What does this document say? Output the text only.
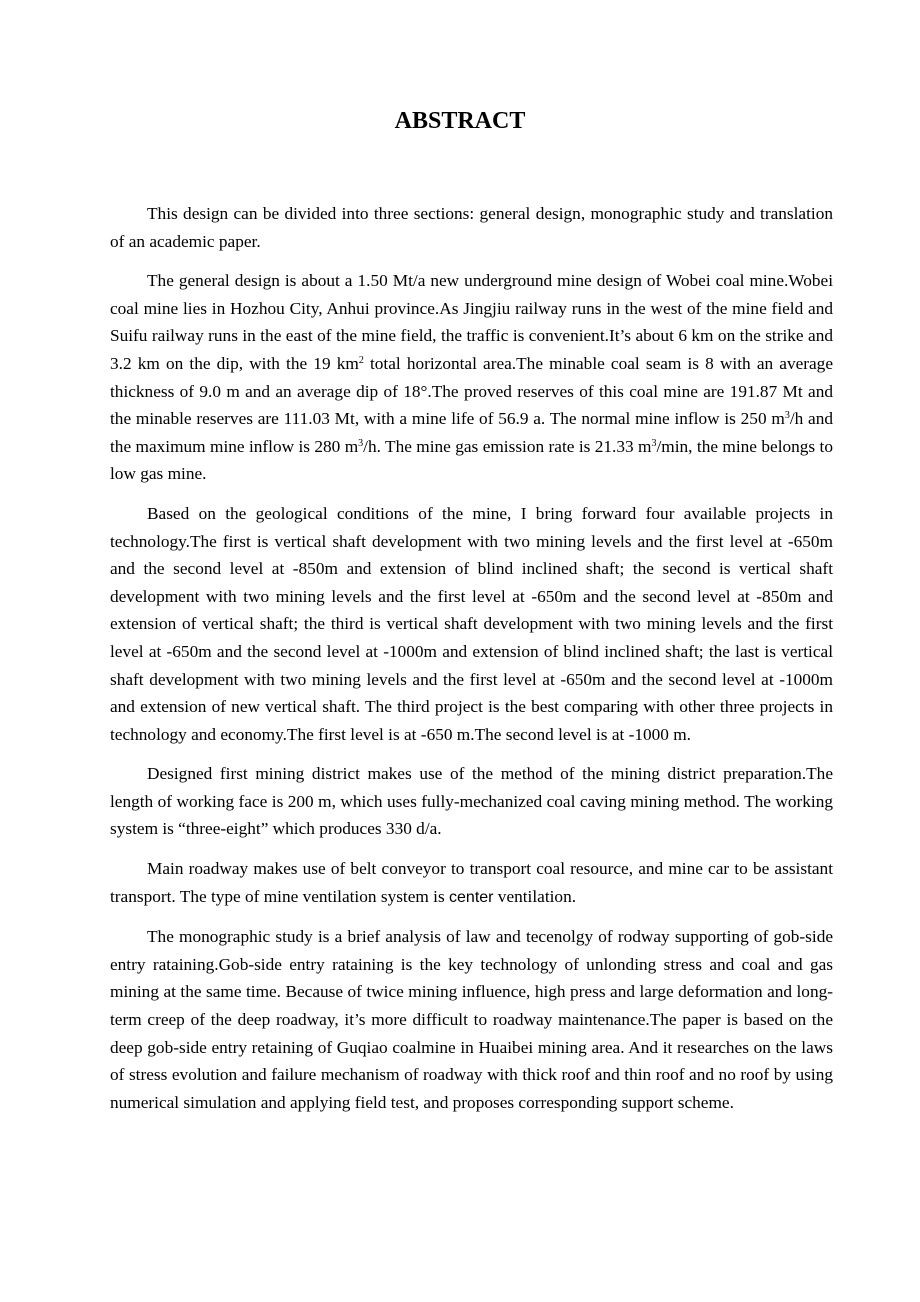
ABSTRACT

This design can be divided into three sections: general design, monographic study and translation of an academic paper.

The general design is about a 1.50 Mt/a new underground mine design of Wobei coal mine.Wobei coal mine lies in Hozhou City, Anhui province.As Jingjiu railway runs in the west of the mine field and Suifu railway runs in the east of the mine field, the traffic is convenient.It’s about 6 km on the strike and 3.2 km on the dip, with the 19 $km^2$ total horizontal area.The minable coal seam is 8 with an average thickness of 9.0 m and an average dip of 18°.The proved reserves of this coal mine are 191.87 Mt and the minable reserves are 111.03 Mt, with a mine life of 56.9 a. The normal mine inflow is 250 $m^3/h$ and the maximum mine inflow is 280 $m^3/h$. The mine gas emission rate is 21.33 $m^3/\min$, the mine belongs to low gas mine.

Based on the geological conditions of the mine, I bring forward four available projects in technology.The first is vertical shaft development with two mining levels and the first level at -650m and the second level at -850m and extension of blind inclined shaft; the second is vertical shaft development with two mining levels and the first level at -650m and the second level at -850m and extension of vertical shaft; the third is vertical shaft development with two mining levels and the first level at -650m and the second level at -1000m and extension of blind inclined shaft; the last is vertical shaft development with two mining levels and the first level at -650m and the second level at -1000m and extension of new vertical shaft. The third project is the best comparing with other three projects in technology and economy.The first level is at -650 m.The second level is at -1000 m.

Designed first mining district makes use of the method of the mining district preparation.The length of working face is 200 m, which uses fully-mechanized coal caving mining method. The working system is “three-eight” which produces 330 d/a.

Main roadway makes use of belt conveyor to transport coal resource, and mine car to be assistant transport. The type of mine ventilation system is center ventilation.

The monographic study is a brief analysis of law and tecenolgy of rodway supporting of gob-side entry rataining.Gob-side entry rataining is the key technology of unlonding stress and coal and gas mining at the same time. Because of twice mining influence, high press and large deformation and long-term creep of the deep roadway, it’s more difficult to roadway maintenance.The paper is based on the deep gob-side entry retaining of Guqiao coalmine in Huaibei mining area. And it researches on the laws of stress evolution and failure mechanism of roadway with thick roof and thin roof and no roof by using numerical simulation and applying field test, and proposes corresponding support scheme.
